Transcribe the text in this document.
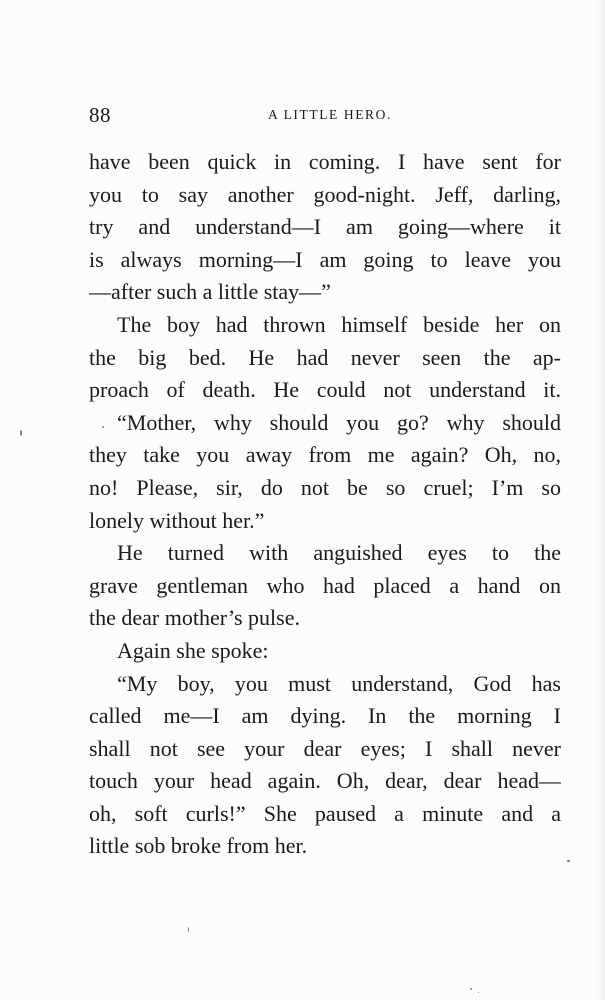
88	A LITTLE HERO.
have been quick in coming. I have sent for
you to say another good-night. Jeff, darling,
try and understand—I am going—where it
is always morning—I am going to leave you
—after such a little stay—”
The boy had thrown himself beside her on
the big bed. He had never seen the ap-
proach of death. He could not understand it.
“Mother, why should you go? why should
they take you away from me again? Oh, no,
no! Please, sir, do not be so cruel; I’m so
lonely without her.”
He turned with anguished eyes to the
grave gentleman who had placed a hand on
the dear mother’s pulse.
Again she spoke:
“My boy, you must understand, God has
called me—I am dying. In the morning I
shall not see your dear eyes; I shall never
touch your head again. Oh, dear, dear head—
oh, soft curls!” She paused a minute and a
little sob broke from her.
